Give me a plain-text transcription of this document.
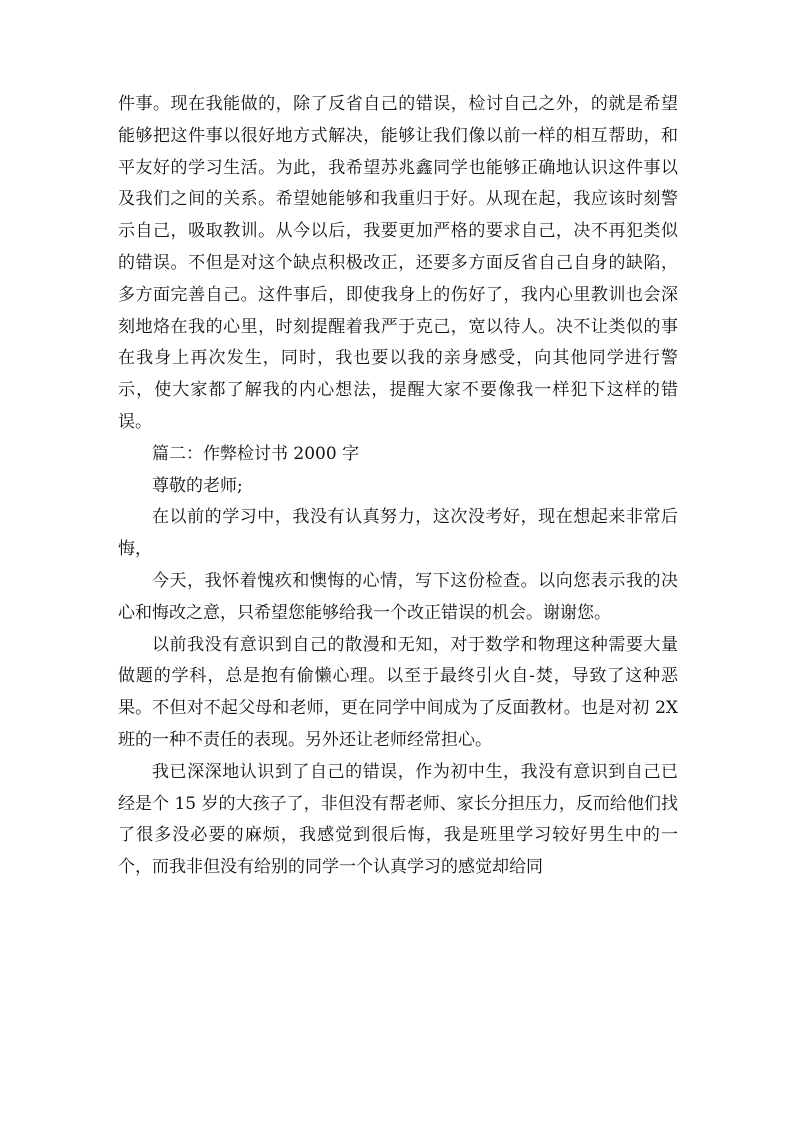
件事。现在我能做的，除了反省自己的错误，检讨自己之外，的就是希望能够把这件事以很好地方式解决，能够让我们像以前一样的相互帮助，和平友好的学习生活。为此，我希望苏兆鑫同学也能够正确地认识这件事以及我们之间的关系。希望她能够和我重归于好。从现在起，我应该时刻警示自己，吸取教训。从今以后，我要更加严格的要求自己，决不再犯类似的错误。不但是对这个缺点积极改正，还要多方面反省自己自身的缺陷，多方面完善自己。这件事后，即使我身上的伤好了，我内心里教训也会深刻地烙在我的心里，时刻提醒着我严于克己，宽以待人。决不让类似的事在我身上再次发生，同时，我也要以我的亲身感受，向其他同学进行警示，使大家都了解我的内心想法，提醒大家不要像我一样犯下这样的错误。

篇二：作弊检讨书 2000 字

尊敬的老师;

在以前的学习中，我没有认真努力，这次没考好，现在想起来非常后悔，

今天，我怀着愧疚和懊悔的心情，写下这份检查。以向您表示我的决心和悔改之意，只希望您能够给我一个改正错误的机会。谢谢您。

以前我没有意识到自己的散漫和无知，对于数学和物理这种需要大量做题的学科，总是抱有偷懒心理。以至于最终引火自-焚，导致了这种恶果。不但对不起父母和老师，更在同学中间成为了反面教材。也是对初 2X 班的一种不责任的表现。另外还让老师经常担心。

我已深深地认识到了自己的错误，作为初中生，我没有意识到自己已经是个 15 岁的大孩子了，非但没有帮老师、家长分担压力，反而给他们找了很多没必要的麻烦，我感觉到很后悔，我是班里学习较好男生中的一个，而我非但没有给别的同学一个认真学习的感觉却给同
